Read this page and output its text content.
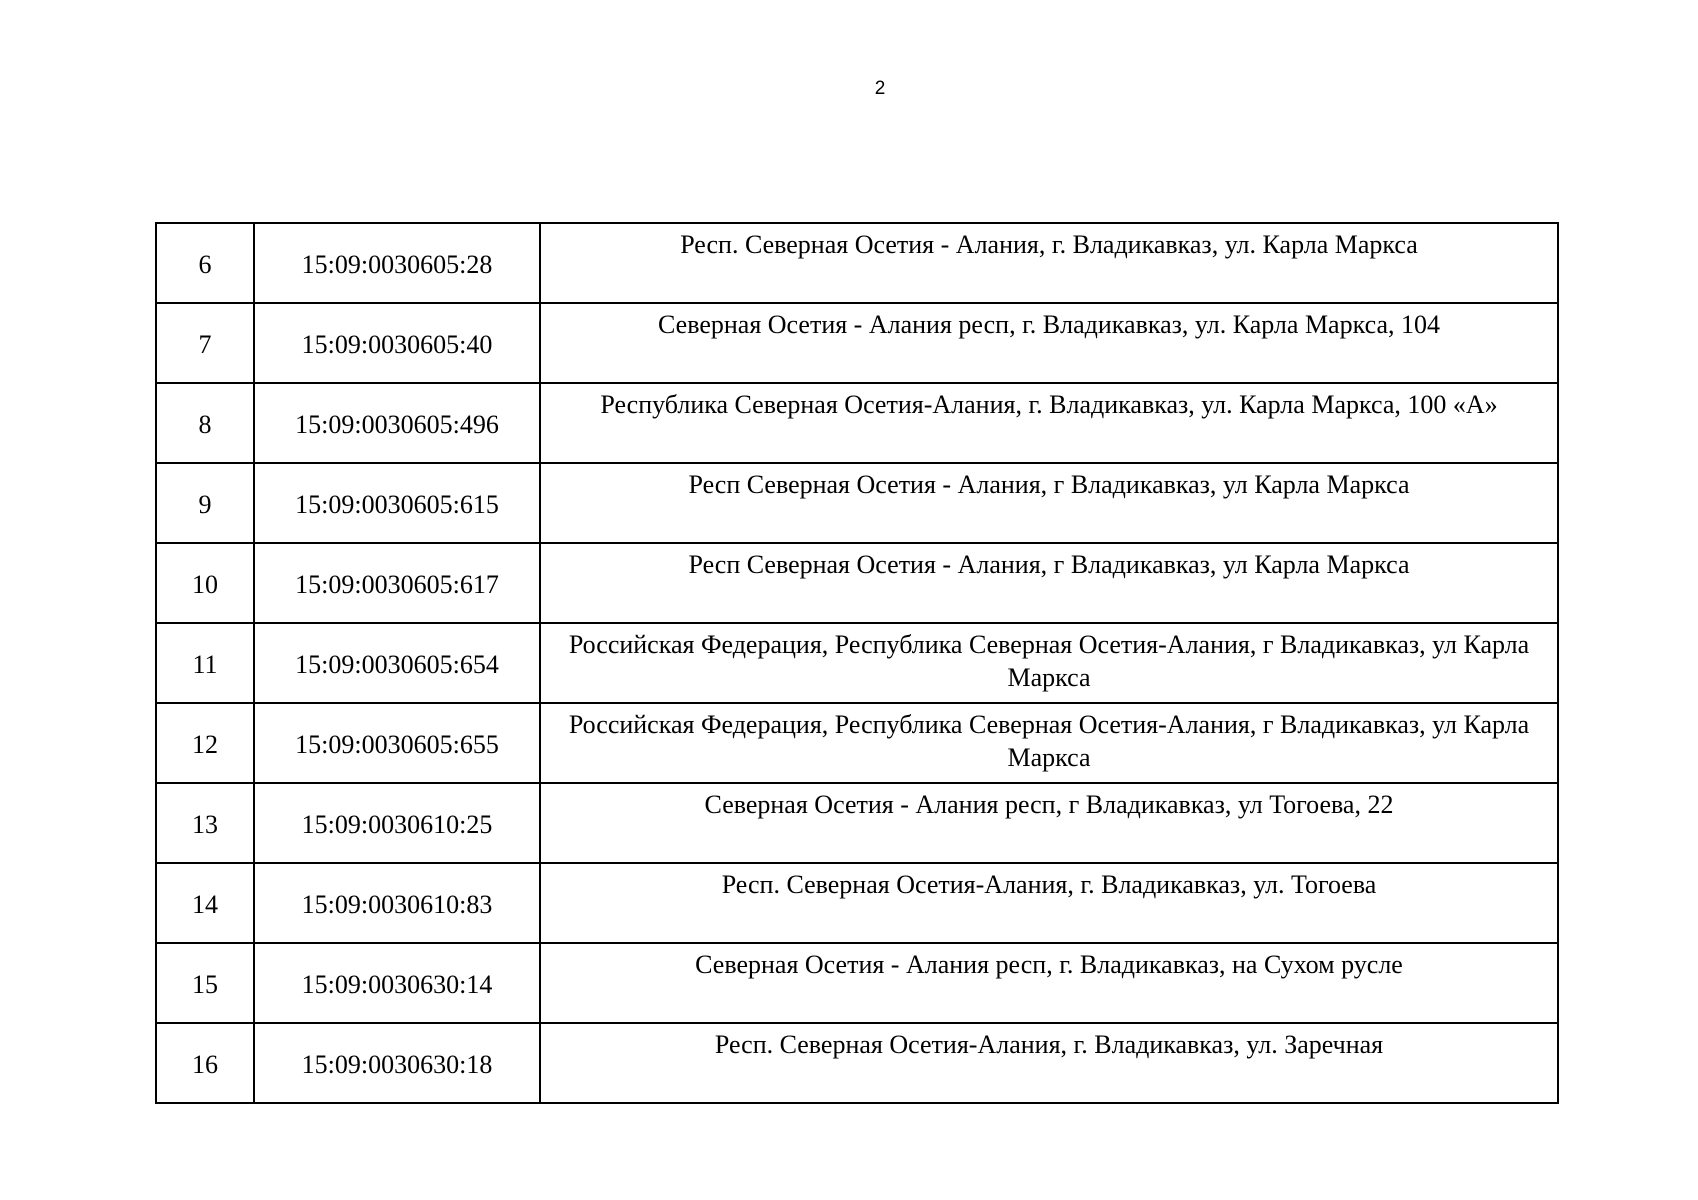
2
6	15:09:0030605:28	Респ. Северная Осетия - Алания, г. Владикавказ, ул. Карла Маркса
7	15:09:0030605:40	Северная Осетия - Алания респ, г. Владикавказ, ул. Карла Маркса, 104
8	15:09:0030605:496	Республика Северная Осетия-Алания, г. Владикавказ, ул. Карла Маркса, 100 «А»
9	15:09:0030605:615	Респ Северная Осетия - Алания, г Владикавказ, ул Карла Маркса
10	15:09:0030605:617	Респ Северная Осетия - Алания, г Владикавказ, ул Карла Маркса
11	15:09:0030605:654	Российская Федерация, Республика Северная Осетия-Алания, г Владикавказ, ул Карла Маркса
12	15:09:0030605:655	Российская Федерация, Республика Северная Осетия-Алания, г Владикавказ, ул Карла Маркса
13	15:09:0030610:25	Северная Осетия - Алания респ, г Владикавказ, ул Тогоева, 22
14	15:09:0030610:83	Респ. Северная Осетия-Алания, г. Владикавказ, ул. Тогоева
15	15:09:0030630:14	Северная Осетия - Алания респ, г. Владикавказ, на Сухом русле
16	15:09:0030630:18	Респ. Северная Осетия-Алания, г. Владикавказ, ул. Заречная
